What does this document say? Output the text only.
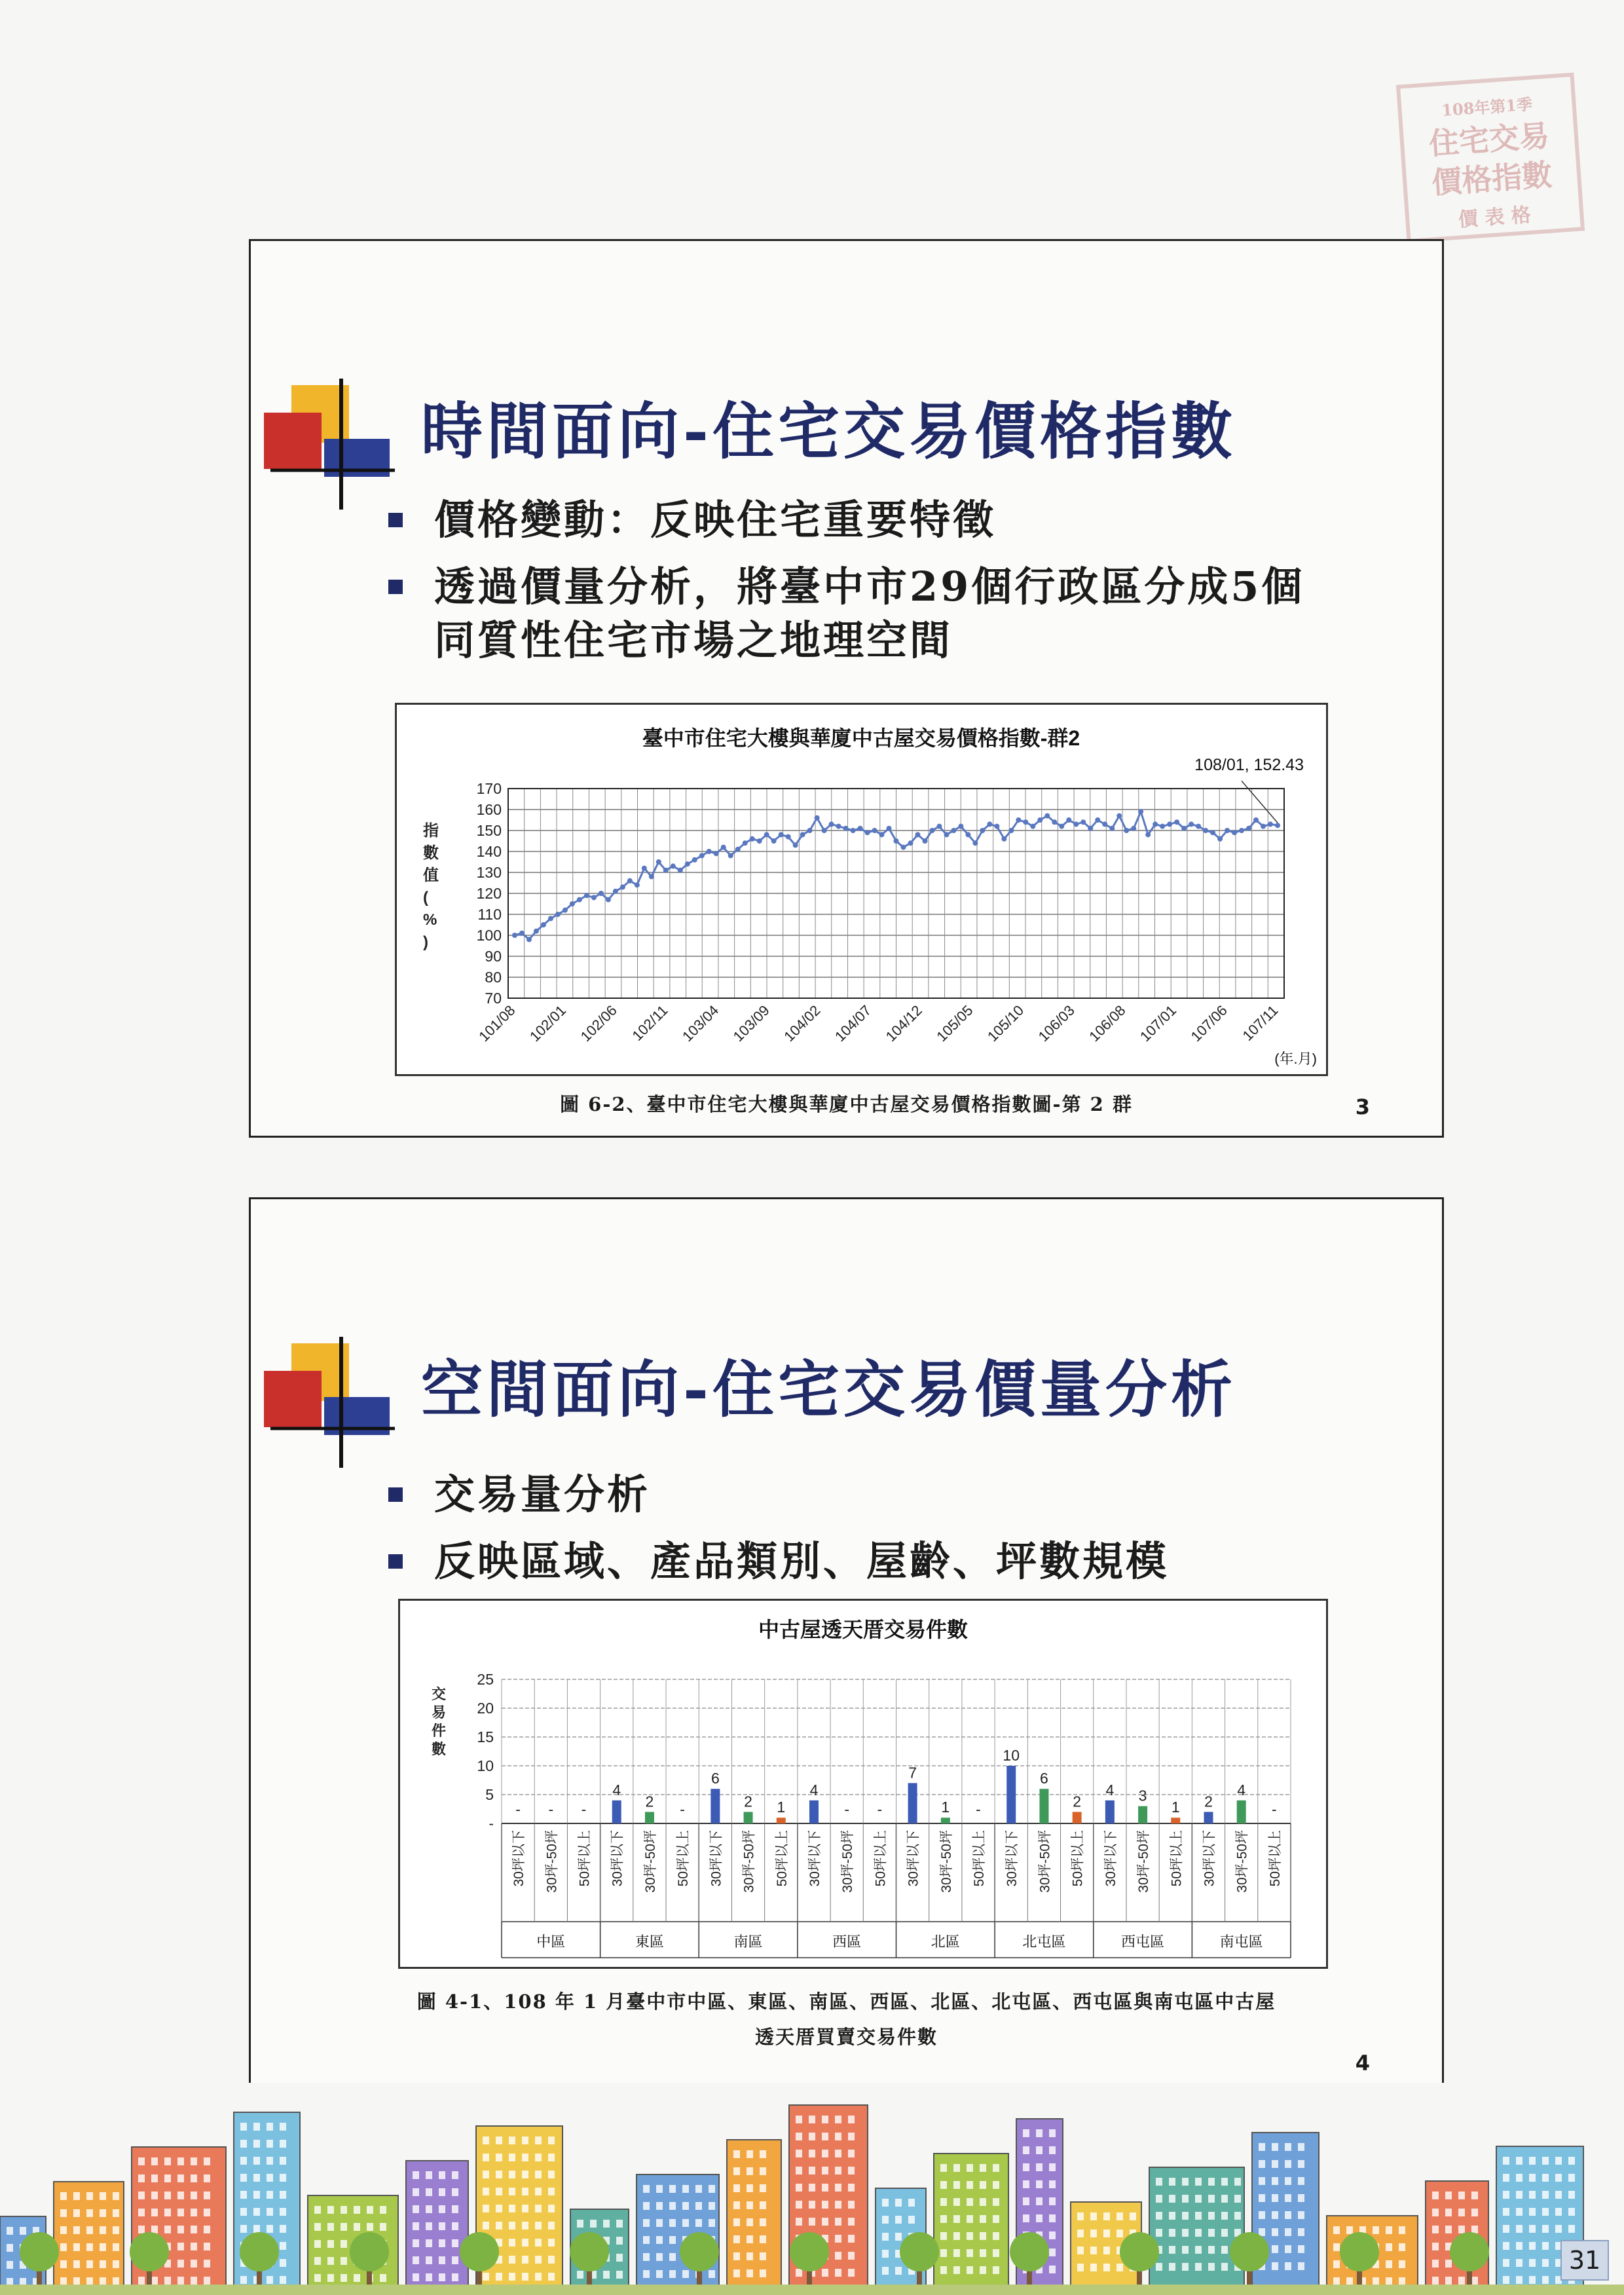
108年第1季
住宅交易
價格指數
價 表 格
時間面向-住宅交易價格指數
價格變動：反映住宅重要特徵
透過價量分析，將臺中市29個行政區分成5個
同質性住宅市場之地理空間
臺中市住宅大樓與華廈中古屋交易價格指數-群2
70
80
90
100
110
120
130
140
150
160
170
101/08 102/01 102/06 102/11 103/04 103/09 104/02 104/07 104/12 105/05 105/10 106/03 106/08 107/01 107/06 107/11
指數值( % )
108/01, 152.43
(年.月)
圖 6-2、臺中市住宅大樓與華廈中古屋交易價格指數圖-第 2 群	3
空間面向-住宅交易價量分析
交易量分析
反映區域、產品類別、屋齡、坪數規模
中古屋透天厝交易件數
-
5
10
15
20
25
交易件數
-
30坪以下
-
30坪-50坪
-
50坪以上
中區
4
30坪以下
2
30坪-50坪
-
50坪以上
東區
6
30坪以下
2
30坪-50坪
1
50坪以上
南區
4
30坪以下
-
30坪-50坪
-
50坪以上
西區
7
30坪以下
1
30坪-50坪
-
50坪以上
北區
10
30坪以下
6
30坪-50坪
2
50坪以上
北屯區
4
30坪以下
3
30坪-50坪
1
50坪以上
西屯區
2
30坪以下
4
30坪-50坪
-
50坪以上
南屯區
圖 4-1、108 年 1 月臺中市中區、東區、南區、西區、北區、北屯區、西屯區與南屯區中古屋
透天厝買賣交易件數
4
31
